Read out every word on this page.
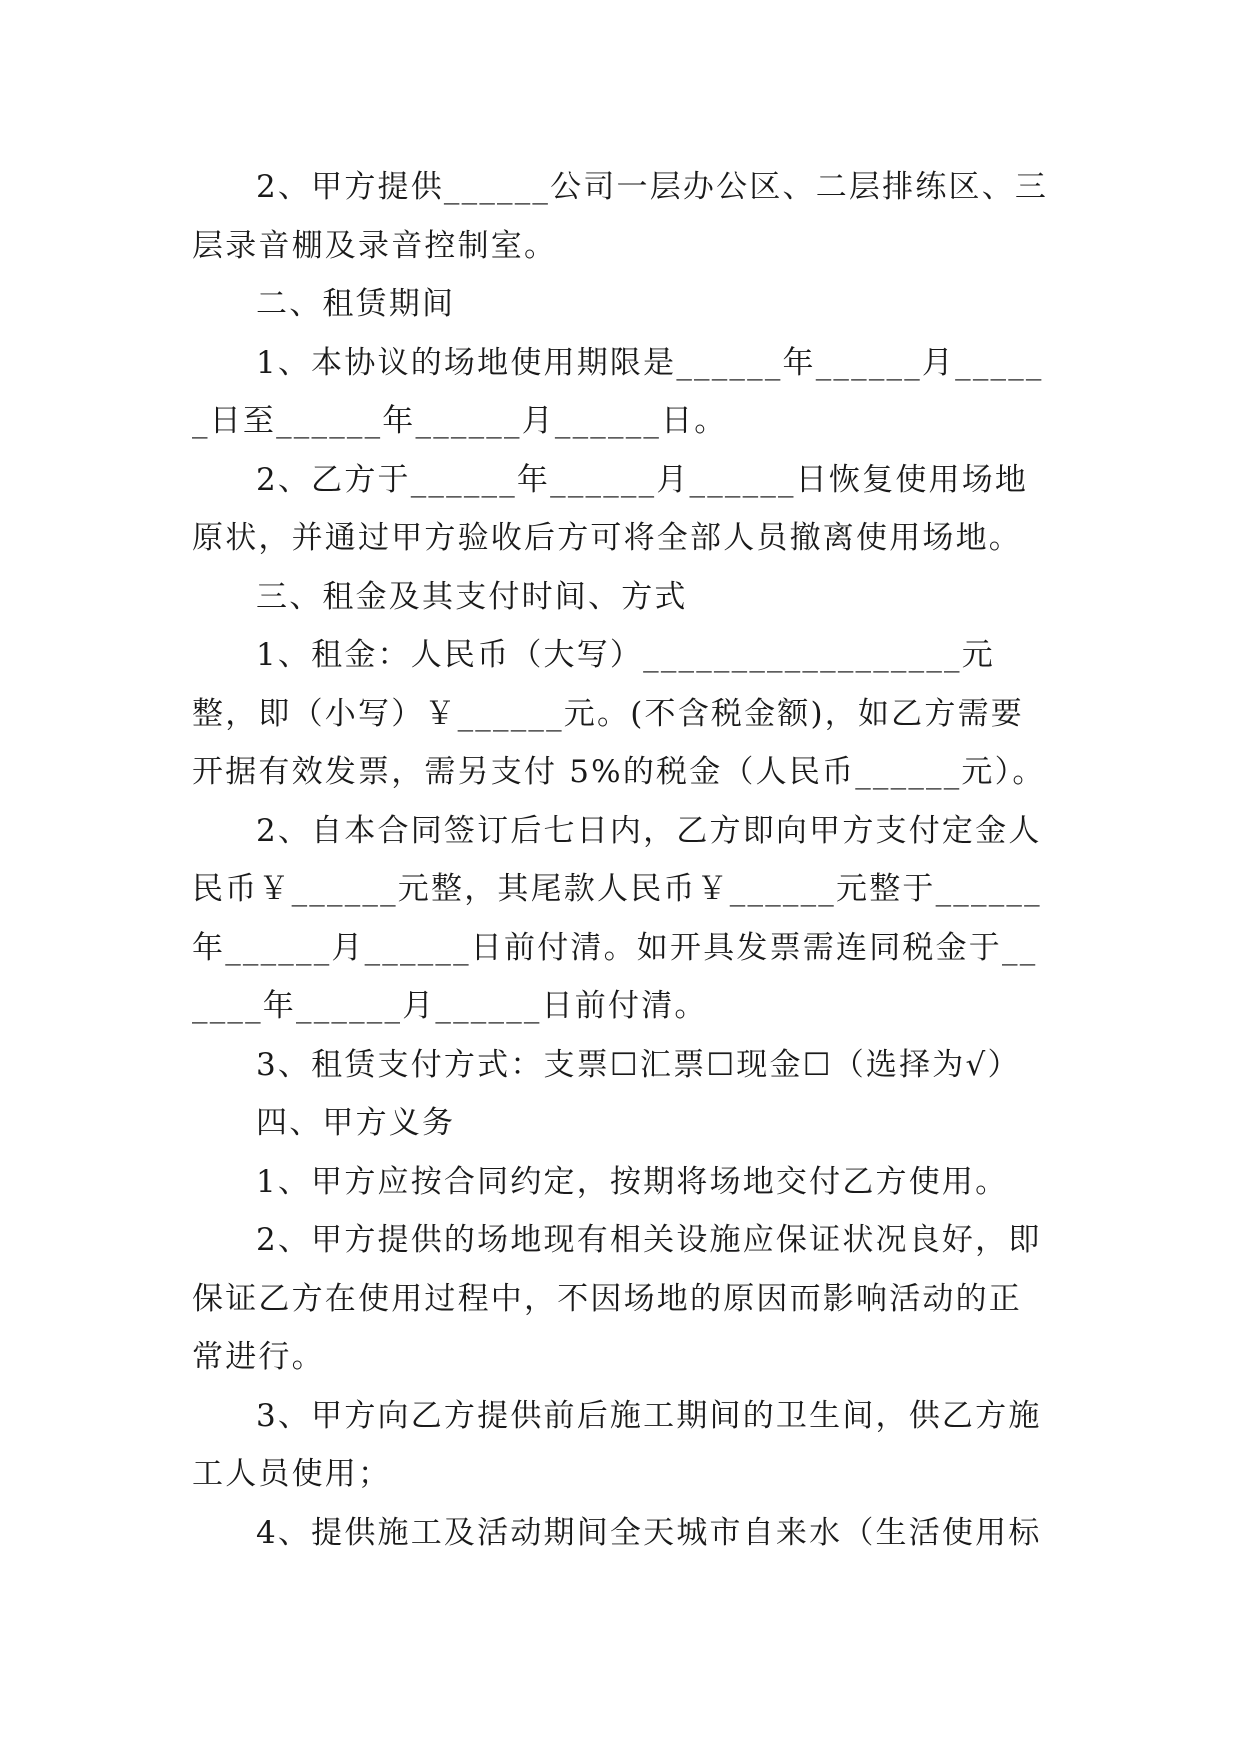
2、甲方提供______公司一层办公区、二层排练区、三层录音棚及录音控制室。

二、租赁期间

1、本协议的场地使用期限是______年______月______日至______年______月______日。

2、乙方于______年______月______日恢复使用场地原状，并通过甲方验收后方可将全部人员撤离使用场地。

三、租金及其支付时间、方式

1、租金：人民币（大写）__________________元整，即（小写）￥______元。(不含税金额)，如乙方需要开据有效发票，需另支付 5%的税金（人民币______元）。

2、自本合同签订后七日内，乙方即向甲方支付定金人民币￥______元整，其尾款人民币￥______元整于______年______月______日前付清。如开具发票需连同税金于______年______月______日前付清。

3、租赁支付方式：支票☐汇票☐现金☐（选择为√）

四、甲方义务

1、甲方应按合同约定，按期将场地交付乙方使用。

2、甲方提供的场地现有相关设施应保证状况良好，即保证乙方在使用过程中，不因场地的原因而影响活动的正常进行。

3、甲方向乙方提供前后施工期间的卫生间，供乙方施工人员使用；

4、提供施工及活动期间全天城市自来水（生活使用标
